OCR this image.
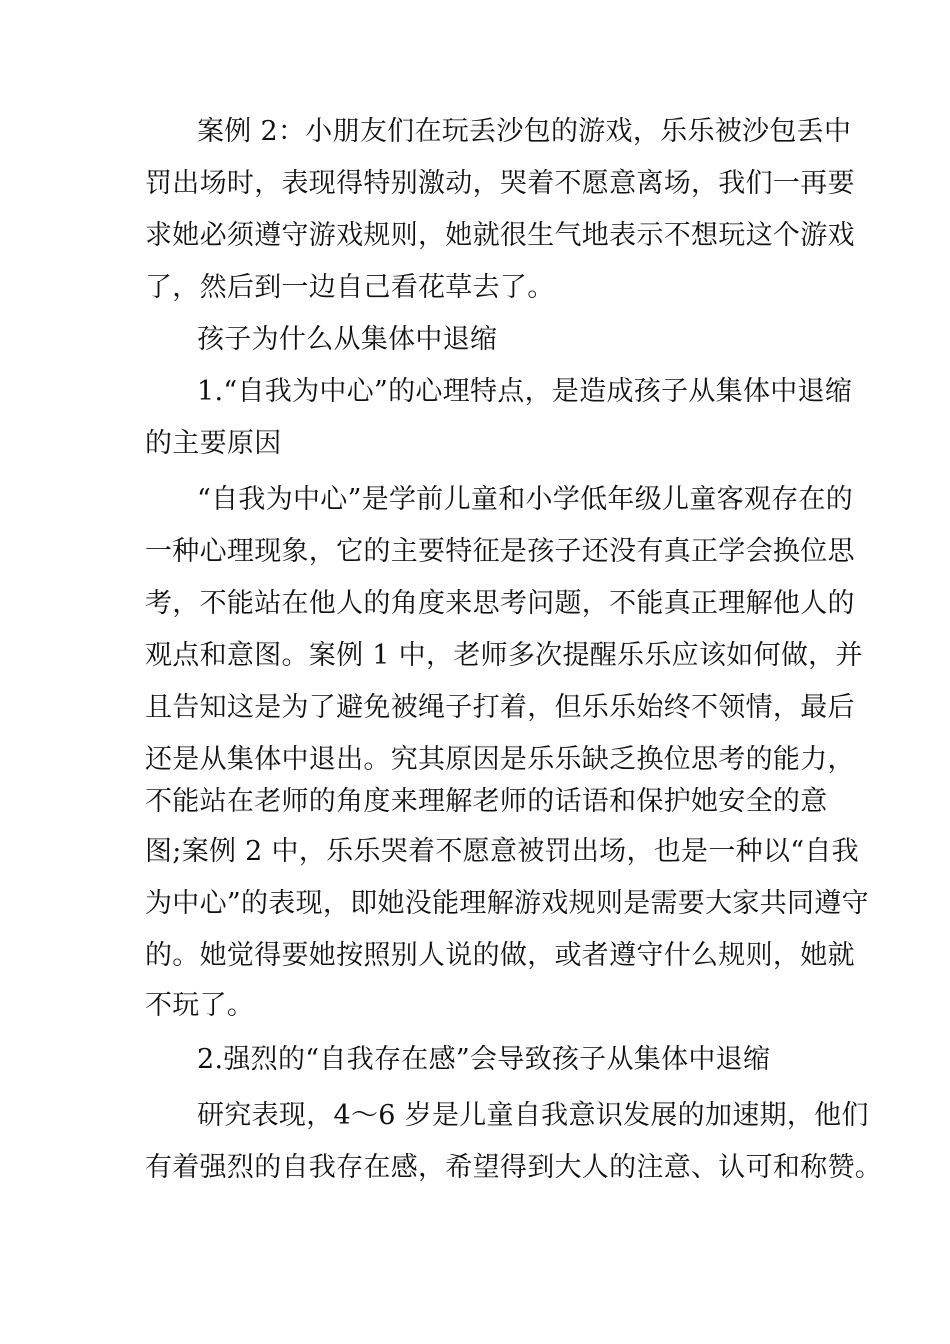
案例 2：小朋友们在玩丢沙包的游戏，乐乐被沙包丢中
罚出场时，表现得特别激动，哭着不愿意离场，我们一再要
求她必须遵守游戏规则，她就很生气地表示不想玩这个游戏
了，然后到一边自己看花草去了。
孩子为什么从集体中退缩
1.“自我为中心”的心理特点，是造成孩子从集体中退缩
的主要原因
“自我为中心”是学前儿童和小学低年级儿童客观存在的
一种心理现象，它的主要特征是孩子还没有真正学会换位思
考，不能站在他人的角度来思考问题，不能真正理解他人的
观点和意图。案例 1 中，老师多次提醒乐乐应该如何做，并
且告知这是为了避免被绳子打着，但乐乐始终不领情，最后
还是从集体中退出。究其原因是乐乐缺乏换位思考的能力，
不能站在老师的角度来理解老师的话语和保护她安全的意
图;案例 2 中，乐乐哭着不愿意被罚出场，也是一种以“自我
为中心”的表现，即她没能理解游戏规则是需要大家共同遵守
的。她觉得要她按照别人说的做，或者遵守什么规则，她就
不玩了。
2.强烈的“自我存在感”会导致孩子从集体中退缩
研究表现，4～6 岁是儿童自我意识发展的加速期，他们
有着强烈的自我存在感，希望得到大人的注意、认可和称赞。
